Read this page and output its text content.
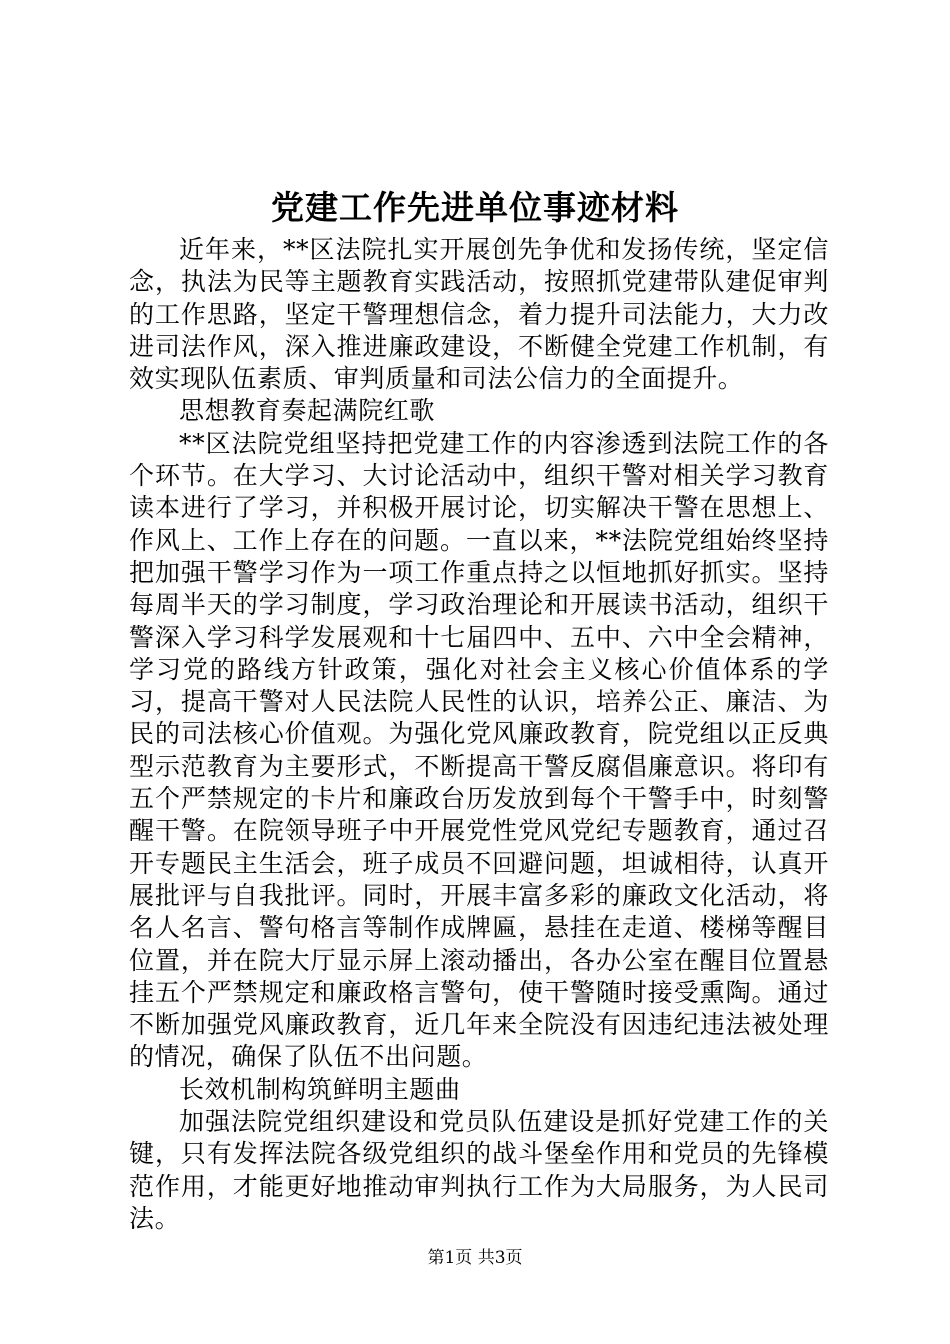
党建工作先进单位事迹材料

近年来，**区法院扎实开展创先争优和发扬传统，坚定信念，执法为民等主题教育实践活动，按照抓党建带队建促审判的工作思路，坚定干警理想信念，着力提升司法能力，大力改进司法作风，深入推进廉政建设，不断健全党建工作机制，有效实现队伍素质、审判质量和司法公信力的全面提升。

思想教育奏起满院红歌

**区法院党组坚持把党建工作的内容渗透到法院工作的各个环节。在大学习、大讨论活动中，组织干警对相关学习教育读本进行了学习，并积极开展讨论，切实解决干警在思想上、作风上、工作上存在的问题。一直以来，**法院党组始终坚持把加强干警学习作为一项工作重点持之以恒地抓好抓实。坚持每周半天的学习制度，学习政治理论和开展读书活动，组织干警深入学习科学发展观和十七届四中、五中、六中全会精神，学习党的路线方针政策，强化对社会主义核心价值体系的学习，提高干警对人民法院人民性的认识，培养公正、廉洁、为民的司法核心价值观。为强化党风廉政教育，院党组以正反典型示范教育为主要形式，不断提高干警反腐倡廉意识。将印有五个严禁规定的卡片和廉政台历发放到每个干警手中，时刻警醒干警。在院领导班子中开展党性党风党纪专题教育，通过召开专题民主生活会，班子成员不回避问题，坦诚相待，认真开展批评与自我批评。同时，开展丰富多彩的廉政文化活动，将名人名言、警句格言等制作成牌匾，悬挂在走道、楼梯等醒目位置，并在院大厅显示屏上滚动播出，各办公室在醒目位置悬挂五个严禁规定和廉政格言警句，使干警随时接受熏陶。通过不断加强党风廉政教育，近几年来全院没有因违纪违法被处理的情况，确保了队伍不出问题。

长效机制构筑鲜明主题曲

加强法院党组织建设和党员队伍建设是抓好党建工作的关键，只有发挥法院各级党组织的战斗堡垒作用和党员的先锋模范作用，才能更好地推动审判执行工作为大局服务，为人民司法。

第1页 共3页
